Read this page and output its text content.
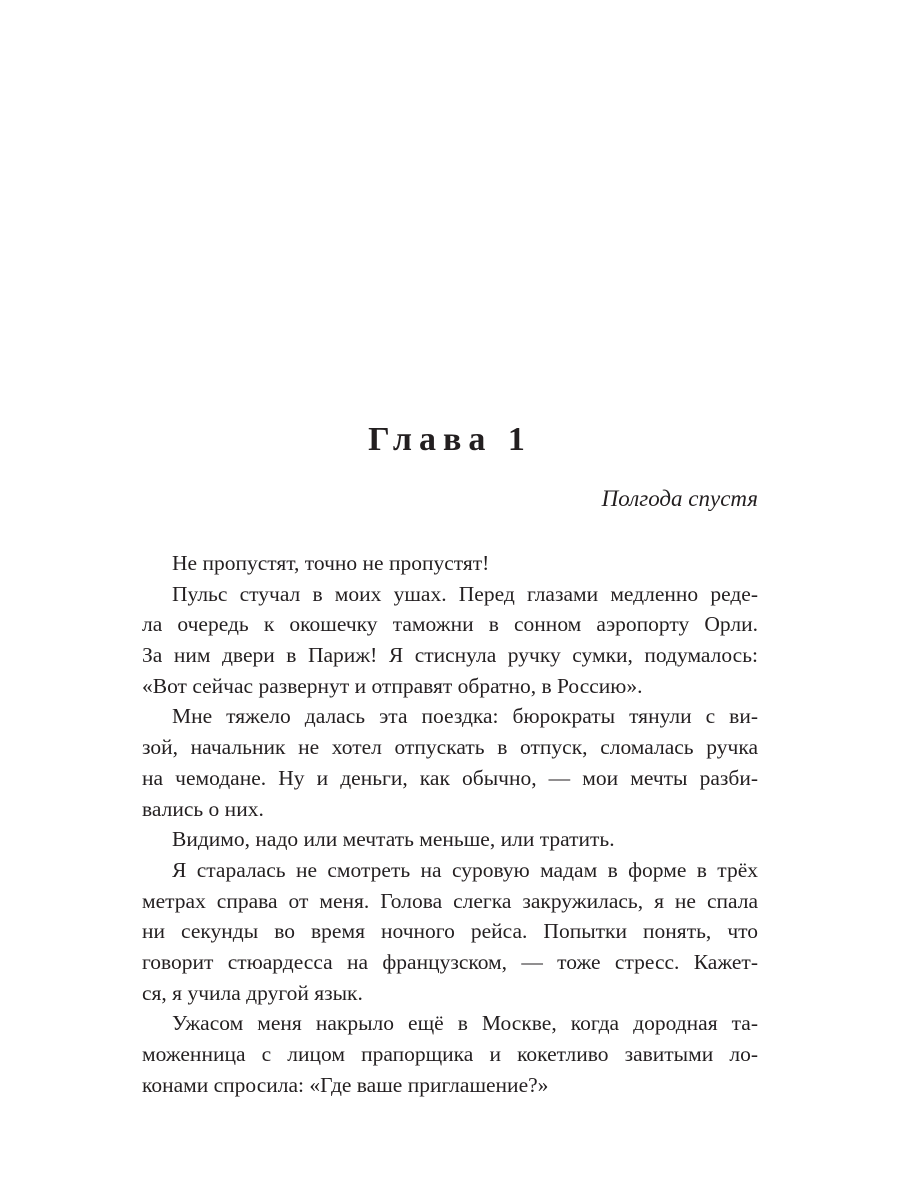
Глава 1

Полгода спустя

Не пропустят, точно не пропустят!
Пульс стучал в моих ушах. Перед глазами медленно реде-
ла очередь к окошечку таможни в сонном аэропорту Орли.
За ним двери в Париж! Я стиснула ручку сумки, подумалось:
«Вот сейчас развернут и отправят обратно, в Россию».
Мне тяжело далась эта поездка: бюрократы тянули с ви-
зой, начальник не хотел отпускать в отпуск, сломалась ручка
на чемодане. Ну и деньги, как обычно, — мои мечты разби-
вались о них.
Видимо, надо или мечтать меньше, или тратить.
Я старалась не смотреть на суровую мадам в форме в трёх
метрах справа от меня. Голова слегка закружилась, я не спала
ни секунды во время ночного рейса. Попытки понять, что
говорит стюардесса на французском, — тоже стресс. Кажет-
ся, я учила другой язык.
Ужасом меня накрыло ещё в Москве, когда дородная та-
моженница с лицом прапорщика и кокетливо завитыми ло-
конами спросила: «Где ваше приглашение?»
